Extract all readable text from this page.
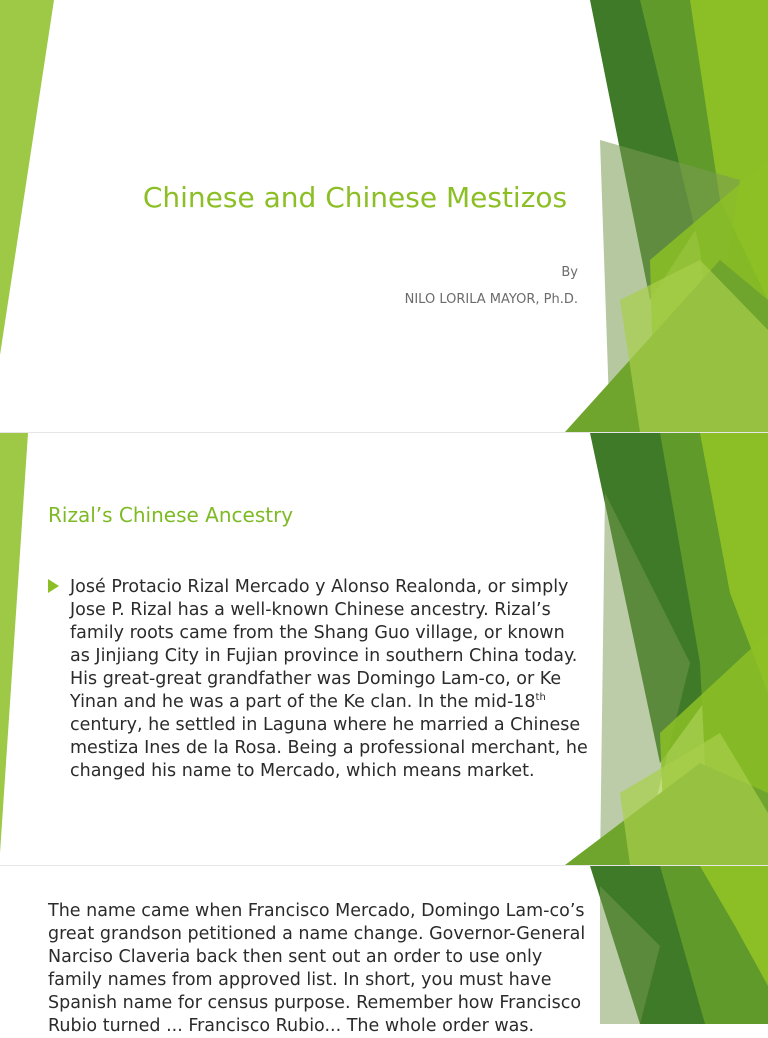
Chinese and Chinese Mestizos
By
NILO LORILA MAYOR, Ph.D.
Rizal’s Chinese Ancestry
José Protacio Rizal Mercado y Alonso Realonda, or simply Jose P. Rizal has a well-known Chinese ancestry. Rizal’s family roots came from the Shang Guo village, or known as Jinjiang City in Fujian province in southern China today. His great-great grandfather was Domingo Lam-co, or Ke Yinan and he was a part of the Ke clan. In the mid-18th century, he settled in Laguna where he married a Chinese mestiza Ines de la Rosa. Being a professional merchant, he changed his name to Mercado, which means market.
The name came when Francisco Mercado, Domingo Lam-co’s great grandson petitioned a name change. Governor-General Narciso Claveria back then sent out an order to use only family names from approved list. In short, you must have Spanish name for census purpose. Remember how Francisco Rubio turned ... Francisco Rubio... The whole order was.
